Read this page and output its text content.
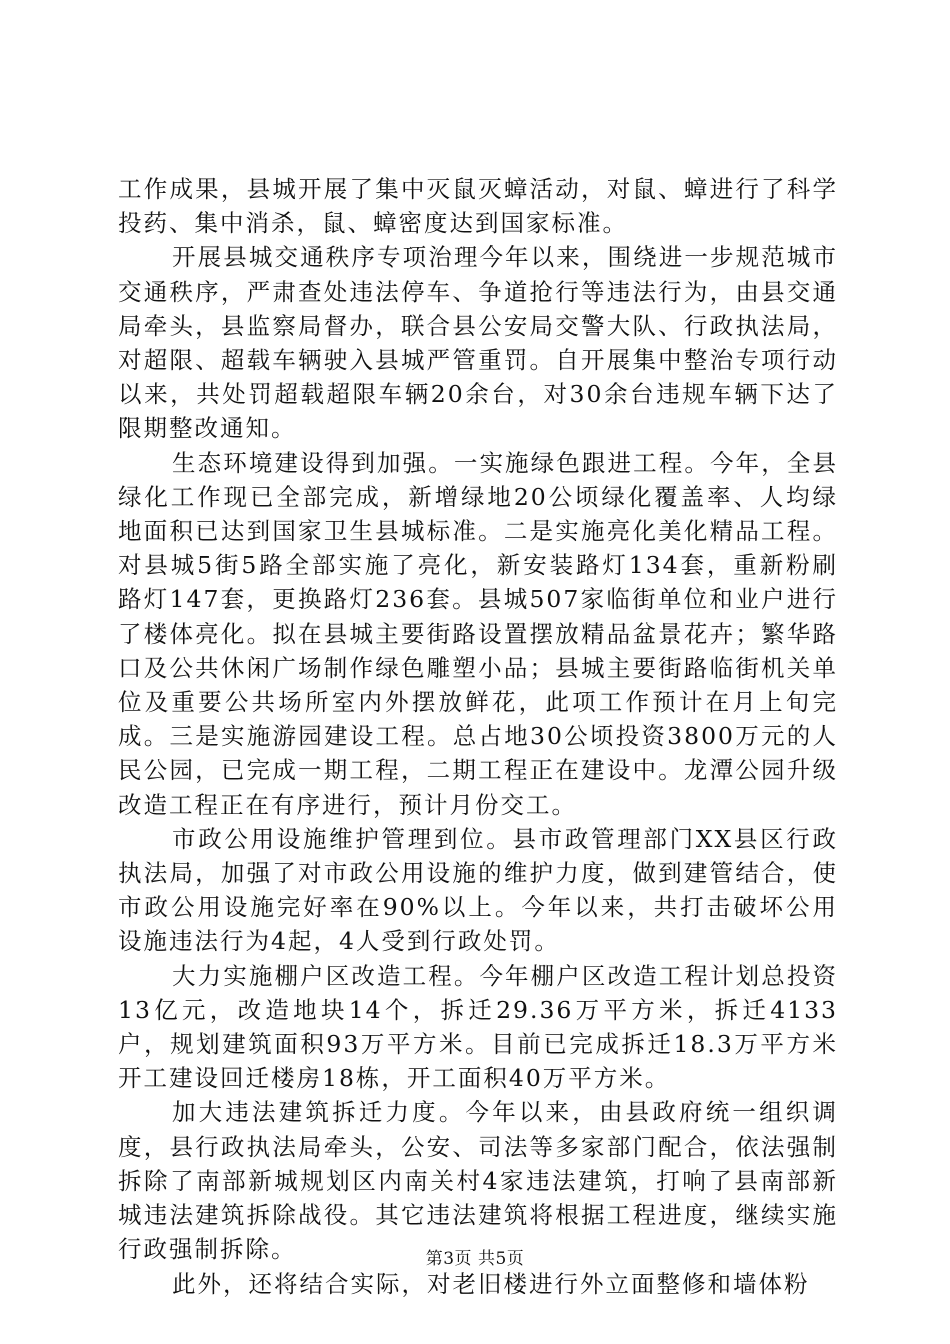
工作成果，县城开展了集中灭鼠灭蟑活动，对鼠、蟑进行了科学投药、集中消杀，鼠、蟑密度达到国家标准。

开展县城交通秩序专项治理今年以来，围绕进一步规范城市交通秩序，严肃查处违法停车、争道抢行等违法行为，由县交通局牵头，县监察局督办，联合县公安局交警大队、行政执法局，对超限、超载车辆驶入县城严管重罚。自开展集中整治专项行动以来，共处罚超载超限车辆20余台，对30余台违规车辆下达了限期整改通知。

生态环境建设得到加强。一实施绿色跟进工程。今年，全县绿化工作现已全部完成，新增绿地20公顷绿化覆盖率、人均绿地面积已达到国家卫生县城标准。二是实施亮化美化精品工程。对县城5街5路全部实施了亮化，新安装路灯134套，重新粉刷路灯147套，更换路灯236套。县城507家临街单位和业户进行了楼体亮化。拟在县城主要街路设置摆放精品盆景花卉；繁华路口及公共休闲广场制作绿色雕塑小品；县城主要街路临街机关单位及重要公共场所室内外摆放鲜花，此项工作预计在月上旬完成。三是实施游园建设工程。总占地30公顷投资3800万元的人民公园，已完成一期工程，二期工程正在建设中。龙潭公园升级改造工程正在有序进行，预计月份交工。

市政公用设施维护管理到位。县市政管理部门XX县区行政执法局，加强了对市政公用设施的维护力度，做到建管结合，使市政公用设施完好率在90%以上。今年以来，共打击破坏公用设施违法行为4起，4人受到行政处罚。

大力实施棚户区改造工程。今年棚户区改造工程计划总投资13亿元，改造地块14个，拆迁29.36万平方米，拆迁4133户，规划建筑面积93万平方米。目前已完成拆迁18.3万平方米开工建设回迁楼房18栋，开工面积40万平方米。

加大违法建筑拆迁力度。今年以来，由县政府统一组织调度，县行政执法局牵头，公安、司法等多家部门配合，依法强制拆除了南部新城规划区内南关村4家违法建筑，打响了县南部新城违法建筑拆除战役。其它违法建筑将根据工程进度，继续实施行政强制拆除。

此外，还将结合实际，对老旧楼进行外立面整修和墙体粉

第3页 共5页
